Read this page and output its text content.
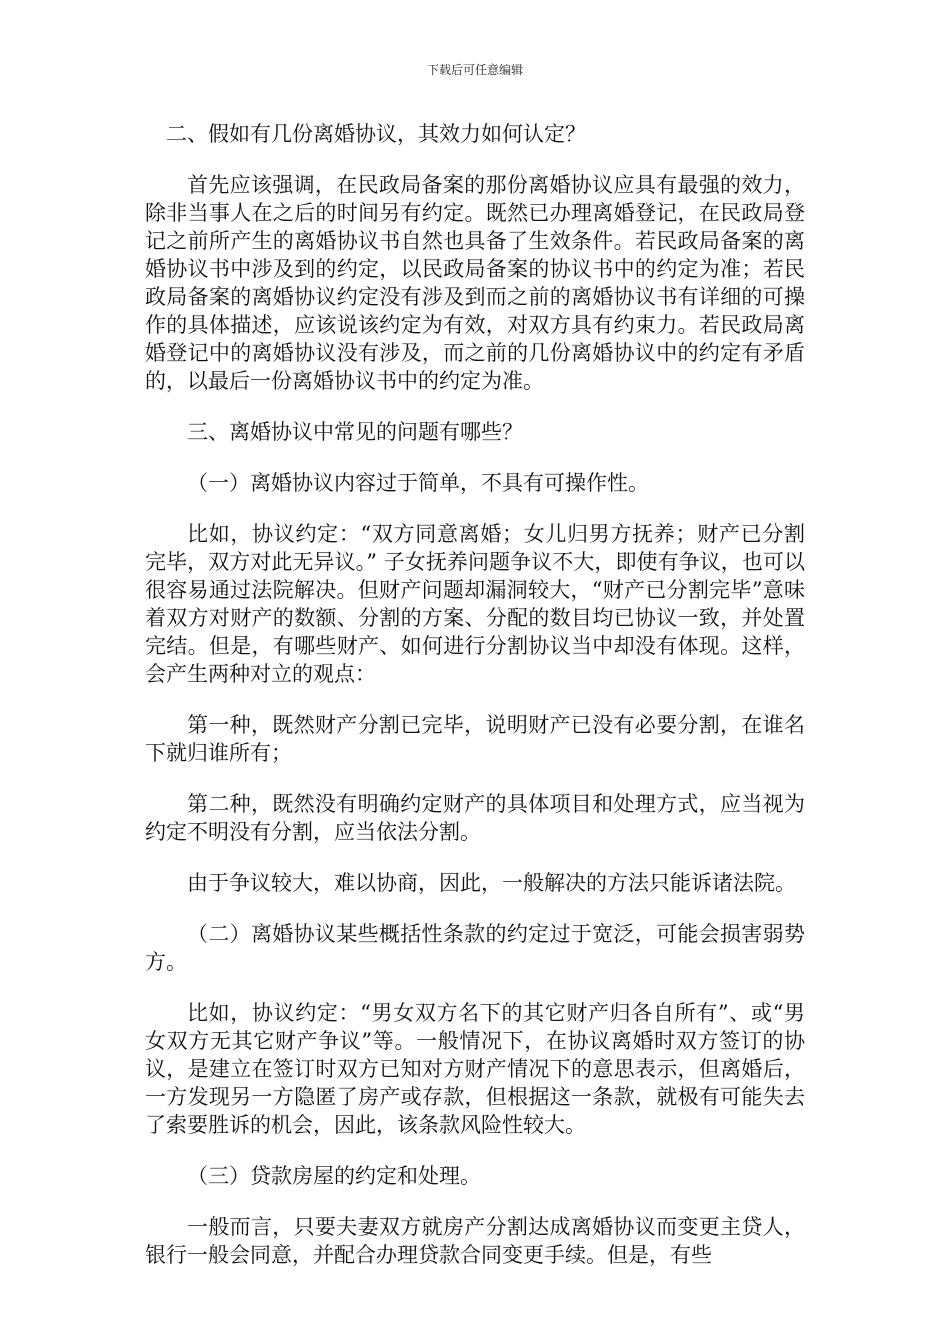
下载后可任意编辑

二、假如有几份离婚协议，其效力如何认定？

首先应该强调，在民政局备案的那份离婚协议应具有最强的效力，除非当事人在之后的时间另有约定。既然已办理离婚登记，在民政局登记之前所产生的离婚协议书自然也具备了生效条件。若民政局备案的离婚协议书中涉及到的约定，以民政局备案的协议书中的约定为准；若民政局备案的离婚协议约定没有涉及到而之前的离婚协议书有详细的可操作的具体描述，应该说该约定为有效，对双方具有约束力。若民政局离婚登记中的离婚协议没有涉及，而之前的几份离婚协议中的约定有矛盾的，以最后一份离婚协议书中的约定为准。

三、离婚协议中常见的问题有哪些？

（一）离婚协议内容过于简单，不具有可操作性。

比如，协议约定：“双方同意离婚；女儿归男方抚养；财产已分割完毕，双方对此无异议。” 子女抚养问题争议不大，即使有争议，也可以很容易通过法院解决。但财产问题却漏洞较大，“财产已分割完毕”意味着双方对财产的数额、分割的方案、分配的数目均已协议一致，并处置完结。但是，有哪些财产、如何进行分割协议当中却没有体现。这样，会产生两种对立的观点：

第一种，既然财产分割已完毕，说明财产已没有必要分割，在谁名下就归谁所有；

第二种，既然没有明确约定财产的具体项目和处理方式，应当视为约定不明没有分割，应当依法分割。

由于争议较大，难以协商，因此，一般解决的方法只能诉诸法院。

（二）离婚协议某些概括性条款的约定过于宽泛，可能会损害弱势方。

比如，协议约定：“男女双方名下的其它财产归各自所有”、或“男女双方无其它财产争议”等。一般情况下，在协议离婚时双方签订的协议，是建立在签订时双方已知对方财产情况下的意思表示，但离婚后，一方发现另一方隐匿了房产或存款，但根据这一条款，就极有可能失去了索要胜诉的机会，因此，该条款风险性较大。

（三）贷款房屋的约定和处理。

一般而言，只要夫妻双方就房产分割达成离婚协议而变更主贷人，银行一般会同意，并配合办理贷款合同变更手续。但是，有些
